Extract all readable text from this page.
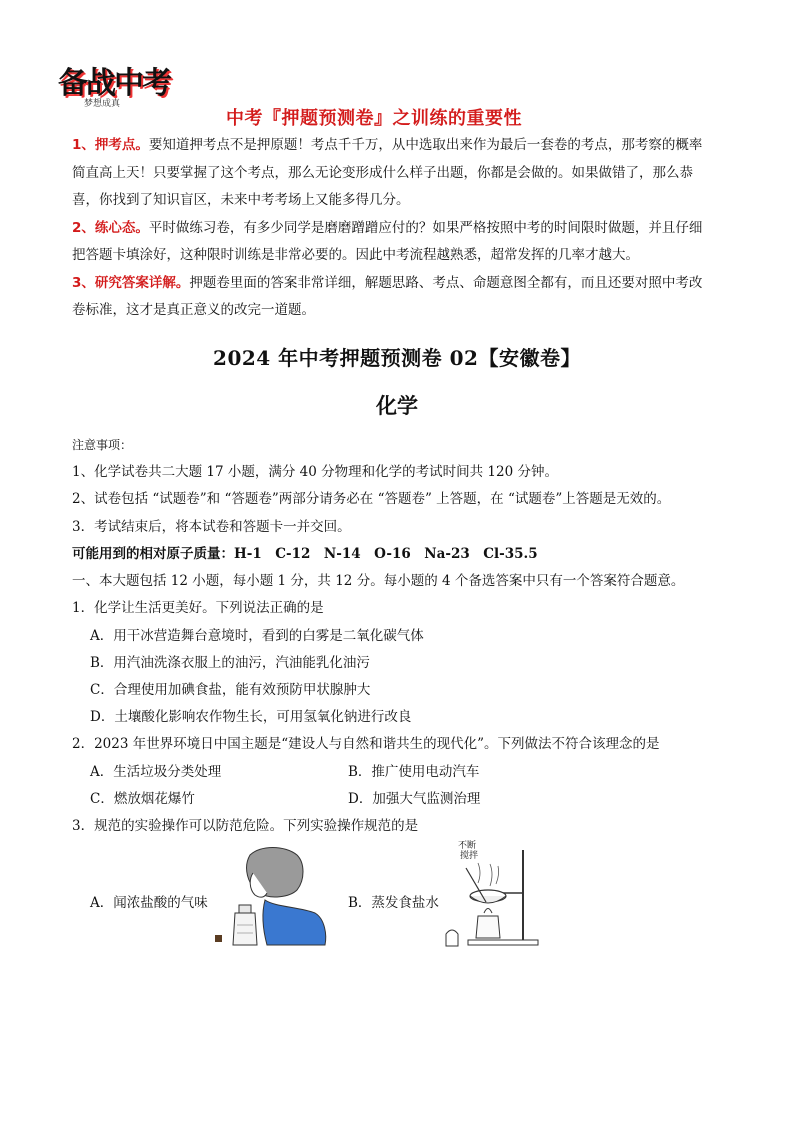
备战中考
梦想成真
中考『押题预测卷』之训练的重要性

1、押考点。要知道押考点不是押原题！考点千千万，从中选取出来作为最后一套卷的考点，那考察的概率

简直高上天！只要掌握了这个考点，那么无论变形成什么样子出题，你都是会做的。如果做错了，那么恭

喜，你找到了知识盲区，未来中考考场上又能多得几分。

2、练心态。平时做练习卷，有多少同学是磨磨蹭蹭应付的？如果严格按照中考的时间限时做题，并且仔细

把答题卡填涂好，这种限时训练是非常必要的。因此中考流程越熟悉，超常发挥的几率才越大。

3、研究答案详解。押题卷里面的答案非常详细，解题思路、考点、命题意图全都有，而且还要对照中考改

卷标准，这才是真正意义的改完一道题。

2024 年中考押题预测卷 02【安徽卷】
化学
注意事项：
1、化学试卷共二大题 17 小题，满分 40 分物理和化学的考试时间共 120 分钟。
2、试卷包括 “试题卷”和 “答题卷”两部分请务必在 “答题卷” 上答题，在 “试题卷”上答题是无效的。
3．考试结束后，将本试卷和答题卡一并交回。
可能用到的相对原子质量：H-1　C-12　N-14　O-16　Na-23　Cl-35.5
一、本大题包括 12 小题，每小题 1 分，共 12 分。每小题的 4 个备选答案中只有一个答案符合题意。
1．化学让生活更美好。下列说法正确的是
A．用干冰营造舞台意境时，看到的白雾是二氧化碳气体
B．用汽油洗涤衣服上的油污，汽油能乳化油污
C．合理使用加碘食盐，能有效预防甲状腺肿大
D．土壤酸化影响农作物生长，可用氢氧化钠进行改良
2．2023 年世界环境日中国主题是“建设人与自然和谐共生的现代化”。下列做法不符合该理念的是
A．生活垃圾分类处理	B．推广使用电动汽车
C．燃放烟花爆竹	D．加强大气监测治理
3．规范的实验操作可以防范危险。下列实验操作规范的是
A．闻浓盐酸的气味	B．蒸发食盐水
不断
搅拌
